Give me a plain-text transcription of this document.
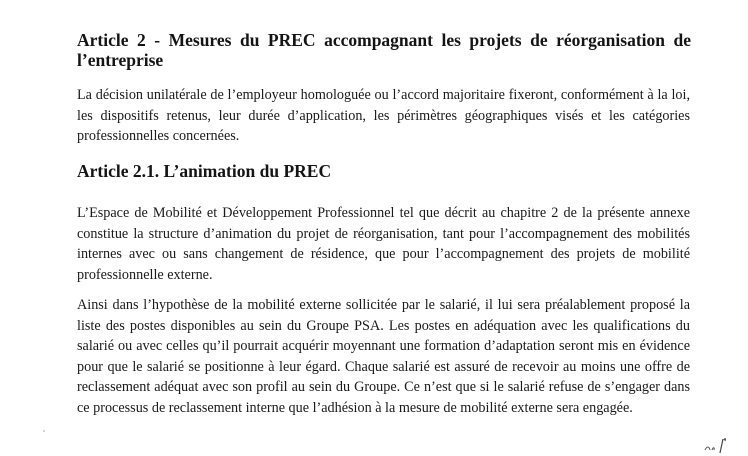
Article 2 - Mesures du PREC accompagnant les projets de réorganisation de l’entreprise

La décision unilatérale de l’employeur homologuée ou l’accord majoritaire fixeront, conformément à la loi, les dispositifs retenus, leur durée d’application, les périmètres géographiques visés et les catégories professionnelles concernées.

Article 2.1. L’animation du PREC

L’Espace de Mobilité et Développement Professionnel tel que décrit au chapitre 2 de la présente annexe constitue la structure d’animation du projet de réorganisation, tant pour l’accompagnement des mobilités internes avec ou sans changement de résidence, que pour l’accompagnement des projets de mobilité professionnelle externe.

Ainsi dans l’hypothèse de la mobilité externe sollicitée par le salarié, il lui sera préalablement proposé la liste des postes disponibles au sein du Groupe PSA. Les postes en adéquation avec les qualifications du salarié ou avec celles qu’il pourrait acquérir moyennant une formation d’adaptation seront mis en évidence pour que le salarié se positionne à leur égard. Chaque salarié est assuré de recevoir au moins une offre de reclassement adéquat avec son profil au sein du Groupe. Ce n’est que si le salarié refuse de s’engager dans ce processus de reclassement interne que l’adhésion à la mesure de mobilité externe sera engagée.
